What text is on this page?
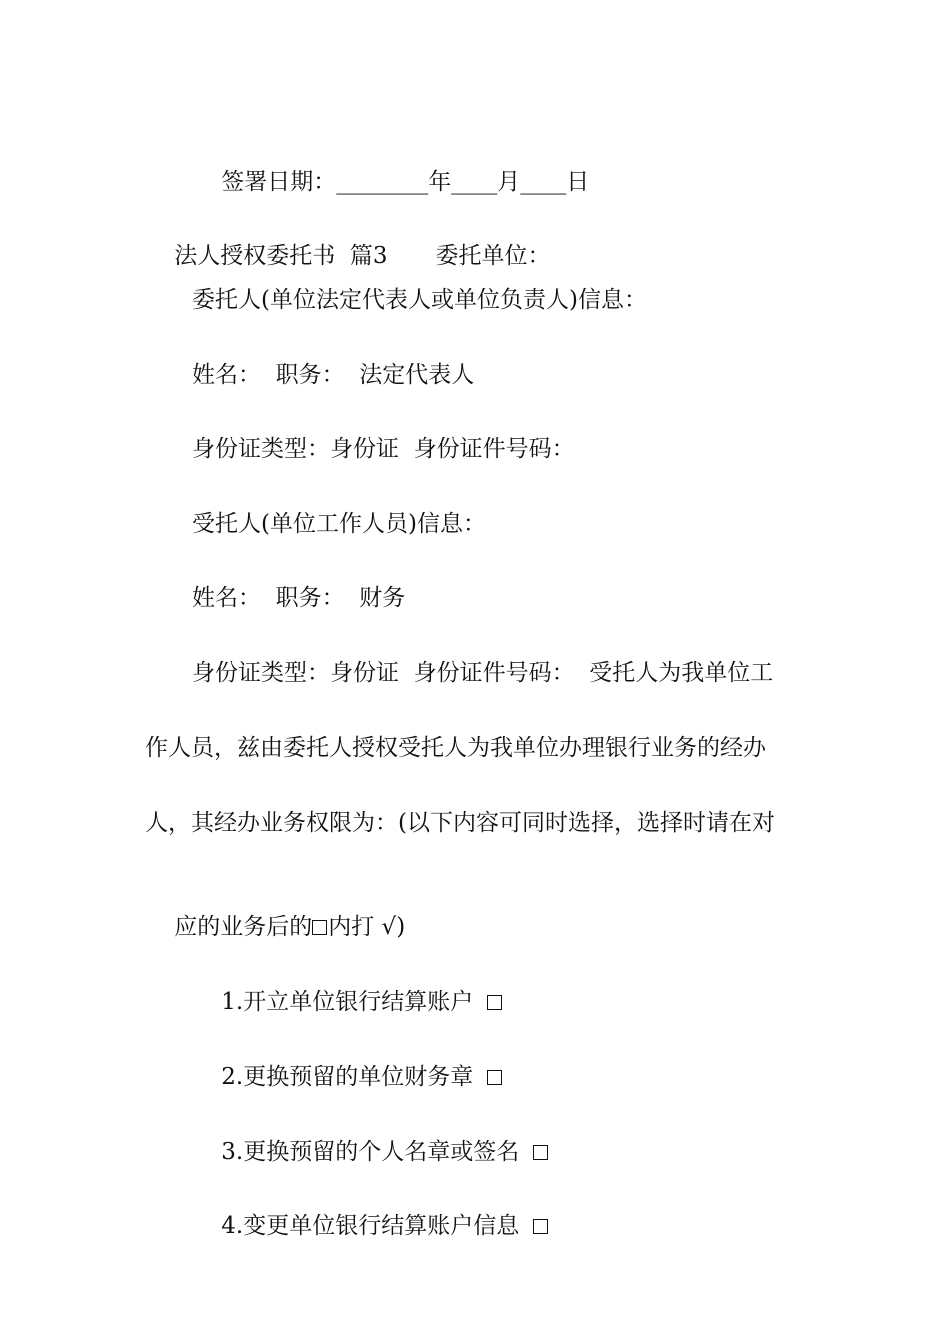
签署日期：________年____月____日

法人授权委托书  篇3 委托单位：

委托人(单位法定代表人或单位负责人)信息：
姓名：  职务：  法定代表人
身份证类型：身份证  身份证件号码：
受托人(单位工作人员)信息：
姓名：  职务：  财务
身份证类型：身份证  身份证件号码：  受托人为我单位工
作人员，兹由委托人授权受托人为我单位办理银行业务的经办
人，其经办业务权限为：(以下内容可同时选择，选择时请在对

应的业务后的 内打 √)

1.开立单位银行结算账户

2.更换预留的单位财务章

3.更换预留的个人名章或签名

4.变更单位银行结算账户信息
